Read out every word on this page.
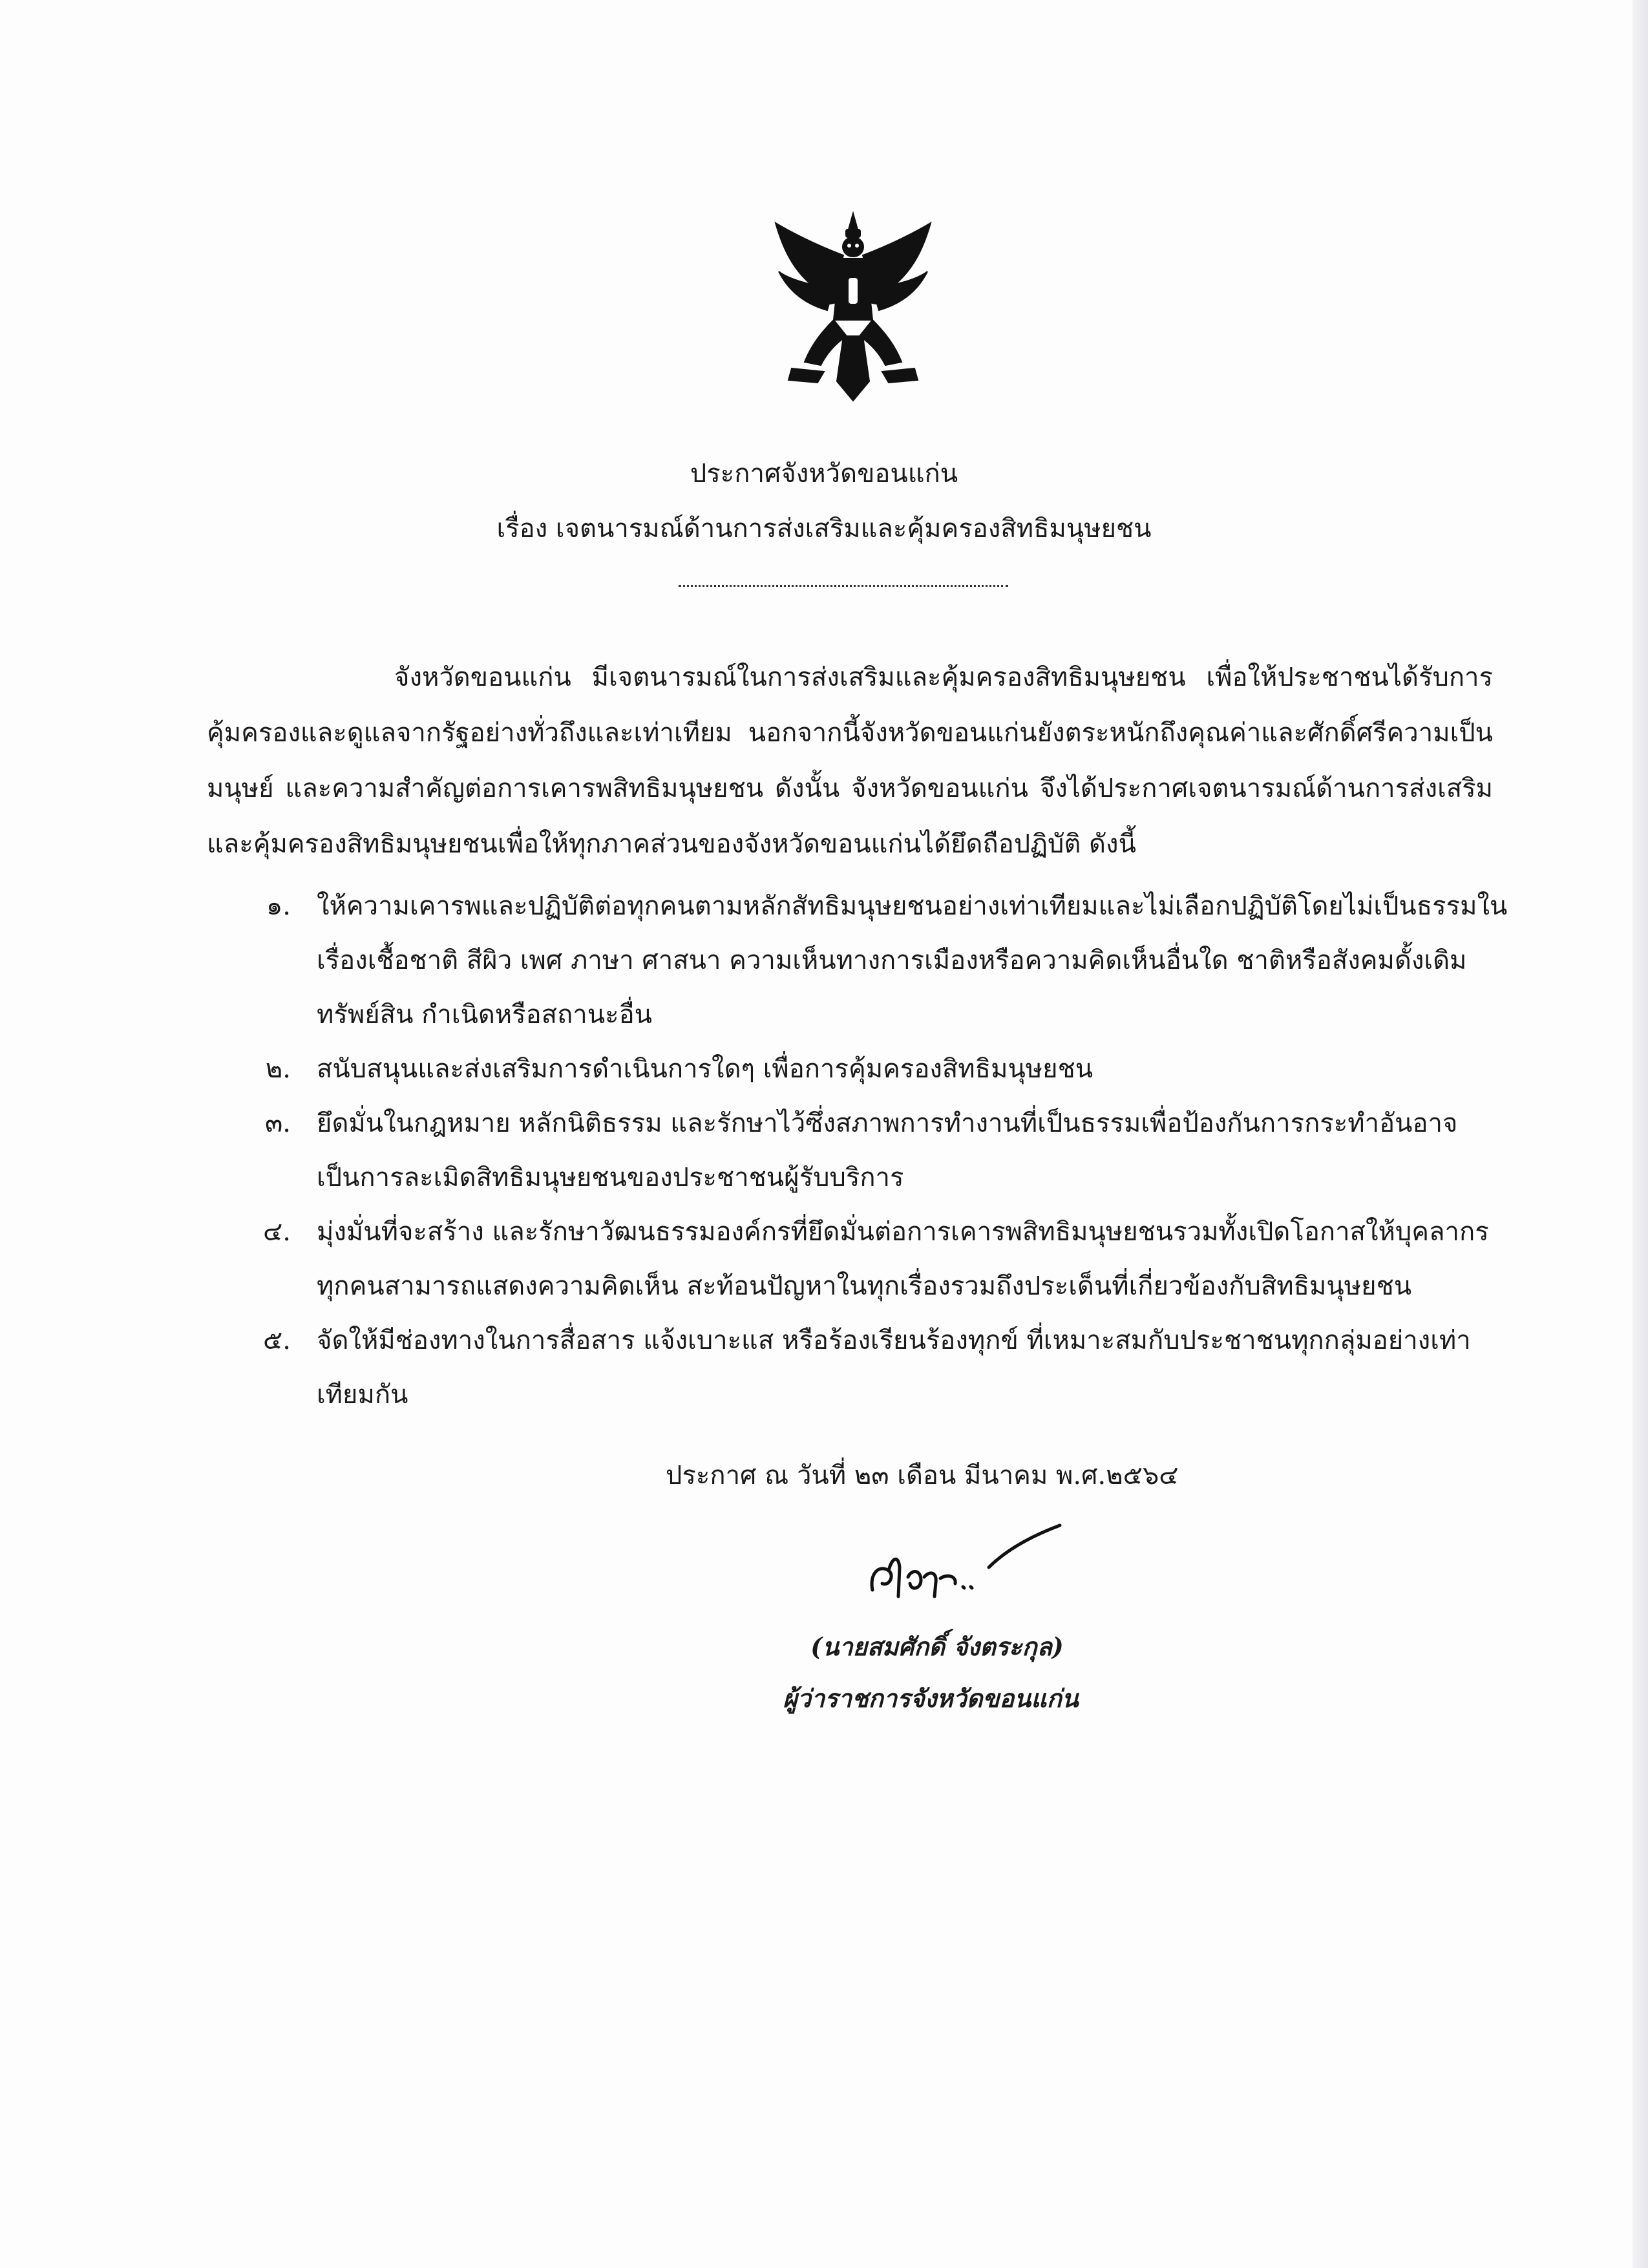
ประกาศจังหวัดขอนแก่น
เรื่อง เจตนารมณ์ด้านการส่งเสริมและคุ้มครองสิทธิมนุษยชน
จังหวัดขอนแก่น มีเจตนารมณ์ในการส่งเสริมและคุ้มครองสิทธิมนุษยชน เพื่อให้ประชาชนได้รับการคุ้มครองและดูแลจากรัฐอย่างทั่วถึงและเท่าเทียม นอกจากนี้จังหวัดขอนแก่นยังตระหนักถึงคุณค่าและศักดิ์ศรีความเป็นมนุษย์ และความสำคัญต่อการเคารพสิทธิมนุษยชน ดังนั้น จังหวัดขอนแก่น จึงได้ประกาศเจตนารมณ์ด้านการส่งเสริมและคุ้มครองสิทธิมนุษยชนเพื่อให้ทุกภาคส่วนของจังหวัดขอนแก่นได้ยึดถือปฏิบัติ ดังนี้
๑.	ให้ความเคารพและปฏิบัติต่อทุกคนตามหลักสัทธิมนุษยชนอย่างเท่าเทียมและไม่เลือกปฏิบัติโดยไม่เป็นธรรมในเรื่องเชื้อชาติ สีผิว เพศ ภาษา ศาสนา ความเห็นทางการเมืองหรือความคิดเห็นอื่นใด ชาติหรือสังคมดั้งเดิม ทรัพย์สิน กำเนิดหรือสถานะอื่น
๒.	สนับสนุนและส่งเสริมการดำเนินการใดๆ เพื่อการคุ้มครองสิทธิมนุษยชน
๓.	ยึดมั่นในกฎหมาย หลักนิติธรรม และรักษาไว้ซึ่งสภาพการทำงานที่เป็นธรรมเพื่อป้องกันการกระทำอันอาจเป็นการละเมิดสิทธิมนุษยชนของประชาชนผู้รับบริการ
๔.	มุ่งมั่นที่จะสร้าง และรักษาวัฒนธรรมองค์กรที่ยึดมั่นต่อการเคารพสิทธิมนุษยชนรวมทั้งเปิดโอกาสให้บุคลากรทุกคนสามารถแสดงความคิดเห็น สะท้อนปัญหาในทุกเรื่องรวมถึงประเด็นที่เกี่ยวข้องกับสิทธิมนุษยชน
๕.	จัดให้มีช่องทางในการสื่อสาร แจ้งเบาะแส หรือร้องเรียนร้องทุกข์ ที่เหมาะสมกับประชาชนทุกกลุ่มอย่างเท่าเทียมกัน
ประกาศ ณ วันที่ ๒๓ เดือน มีนาคม พ.ศ.๒๕๖๔
(นายสมศักดิ์ จังตระกุล)
ผู้ว่าราชการจังหวัดขอนแก่น
